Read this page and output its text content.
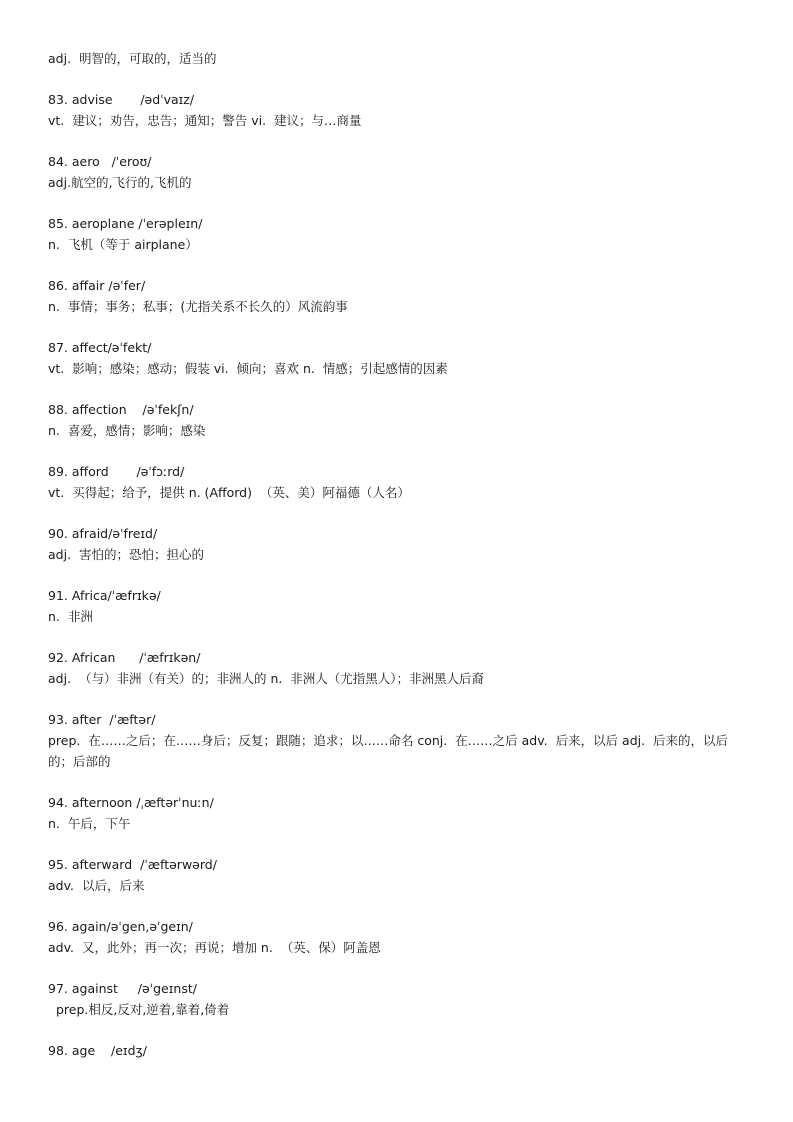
adj.  明智的，可取的，适当的
83. advise       /ədˈvaɪz/
vt.  建议；劝告，忠告；通知；警告 vi.  建议；与…商量
84. aero   /ˈeroʊ/
adj.航空的,飞行的,飞机的
85. aeroplane /ˈerəpleɪn/
n.  飞机（等于 airplane）
86. affair /əˈfer/
n.  事情；事务；私事；(尤指关系不长久的）风流韵事
87. affect/əˈfekt/
vt.  影响；感染；感动；假装 vi.  倾向；喜欢 n.  情感；引起感情的因素
88. affection    /əˈfekʃn/
n.  喜爱，感情；影响；感染
89. afford       /əˈfɔːrd/
vt.  买得起；给予，提供 n. (Afford)  （英、美）阿福德（人名）
90. afraid/əˈfreɪd/
adj.  害怕的；恐怕；担心的
91. Africa/ˈæfrɪkə/
n.  非洲
92. African      /ˈæfrɪkən/
adj.  （与）非洲（有关）的；非洲人的 n.  非洲人（尤指黑人）；非洲黑人后裔
93. after  /ˈæftər/
prep.  在……之后；在……身后；反复；跟随；追求；以……命名 conj.  在……之后 adv.  后来，以后 adj.  后来的，以后
的；后部的
94. afternoon /ˌæftərˈnuːn/
n.  午后，下午
95. afterward  /ˈæftərwərd/
adv.  以后，后来
96. again/əˈgen,əˈgeɪn/
adv.  又，此外；再一次；再说；增加 n.  （英、保）阿盖恩
97. against     /əˈgeɪnst/
prep.相反,反对,逆着,靠着,倚着
98. age    /eɪdʒ/
